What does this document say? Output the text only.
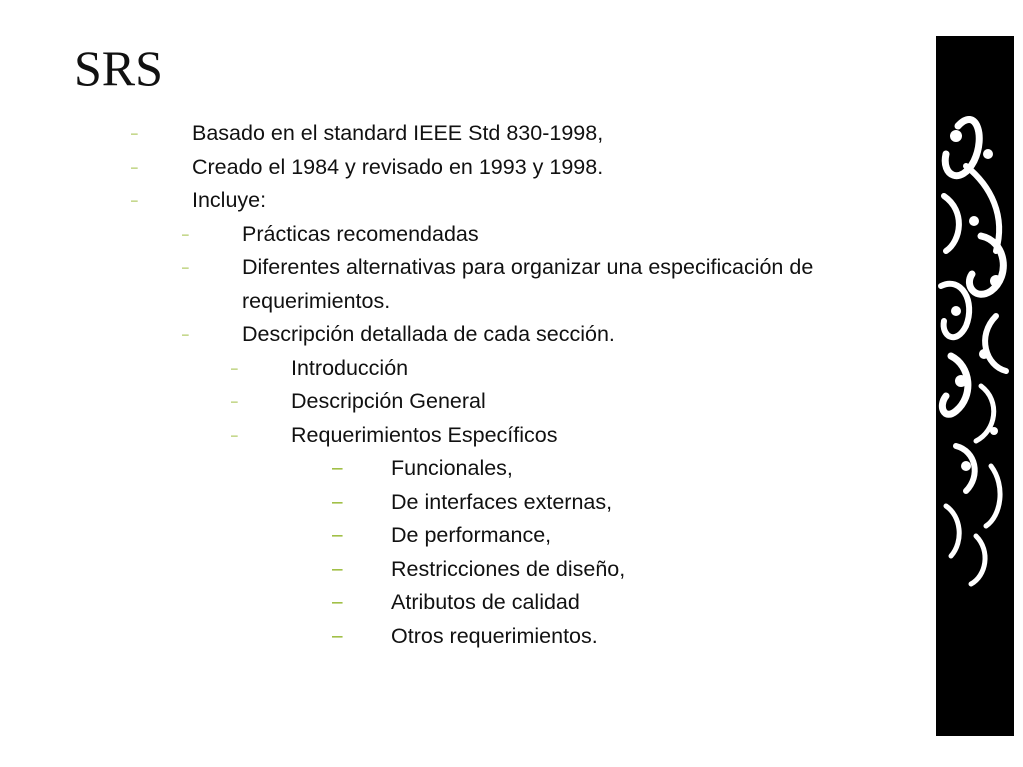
SRS
–	Basado en el standard IEEE Std 830-1998,
–	Creado el 1984 y revisado en 1993 y 1998.
–	Incluye:
– Prácticas recomendadas
– Diferentes alternativas para organizar una especificación de requerimientos.
– Descripción detallada de cada sección.
– Introducción
– Descripción General
– Requerimientos Específicos
– Funcionales,
– De interfaces externas,
– De performance,
– Restricciones de diseño,
– Atributos de calidad
– Otros requerimientos.
